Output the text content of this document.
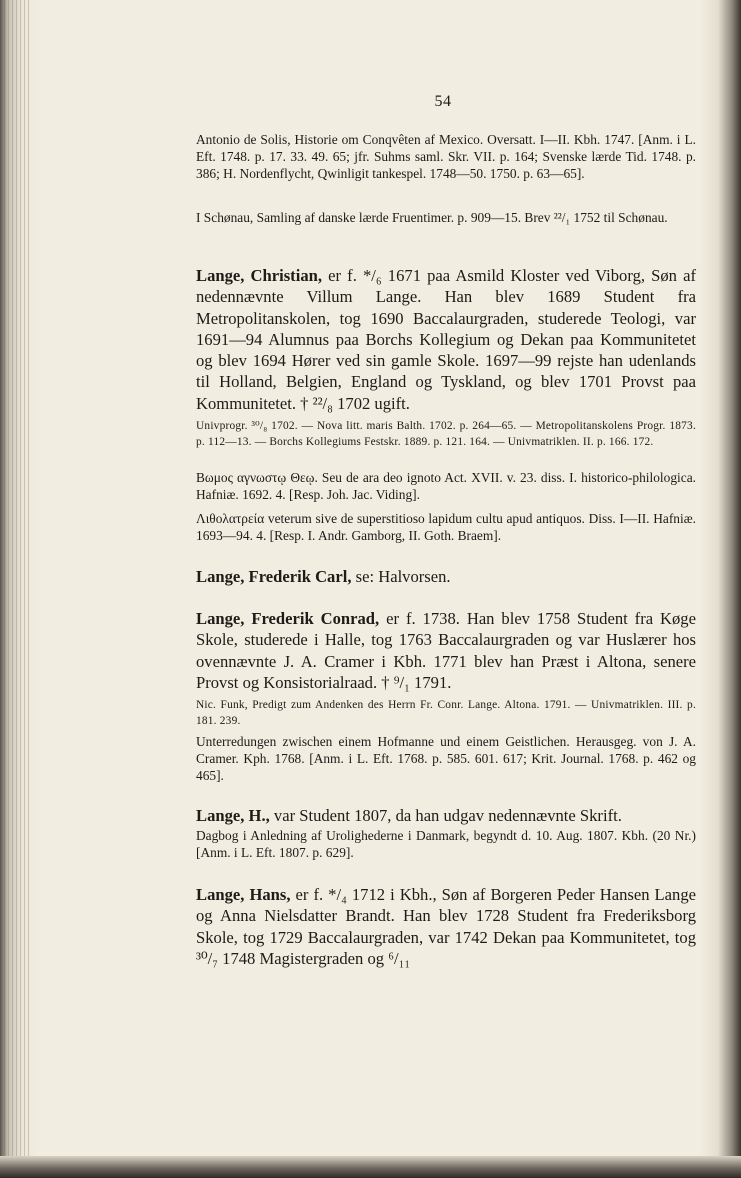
54

Antonio de Solis, Historie om Conqvêten af Mexico. Oversatt. I—II. Kbh. 1747. [Anm. i L. Eft. 1748. p. 17. 33. 49. 65; jfr. Suhms saml. Skr. VII. p. 164; Svenske lærde Tid. 1748. p. 386; H. Nordenflycht, Qwinligit tankespel. 1748—50. 1750. p. 63—65].

I Schønau, Samling af danske lærde Fruentimer. p. 909—15. Brev ²²/₁ 1752 til Schønau.

Lange, Christian, er f. */₆ 1671 paa Asmild Kloster ved Viborg, Søn af nedennævnte Villum Lange. Han blev 1689 Student fra Metropolitanskolen, tog 1690 Baccalaurgraden, studerede Teologi, var 1691—94 Alumnus paa Borchs Kollegium og Dekan paa Kommunitetet og blev 1694 Hører ved sin gamle Skole. 1697—99 rejste han udenlands til Holland, Belgien, England og Tyskland, og blev 1701 Provst paa Kommunitetet. † ²²/₈ 1702 ugift.

Univprogr. ³⁰/₈ 1702. — Nova litt. maris Balth. 1702. p. 264—65. — Metropolitanskolens Progr. 1873. p. 112—13. — Borchs Kollegiums Festskr. 1889. p. 121. 164. — Univmatriklen. II. p. 166. 172.

Βωμος αγνωστῳ Θεῳ. Seu de ara deo ignoto Act. XVII. v. 23. diss. I. historico-philologica. Hafniæ. 1692. 4. [Resp. Joh. Jac. Viding].

Λιθολατρεία veterum sive de superstitioso lapidum cultu apud antiquos. Diss. I—II. Hafniæ. 1693—94. 4. [Resp. I. Andr. Gamborg, II. Goth. Braem].

Lange, Frederik Carl, se: Halvorsen.

Lange, Frederik Conrad, er f. 1738. Han blev 1758 Student fra Køge Skole, studerede i Halle, tog 1763 Baccalaurgraden og var Huslærer hos ovennævnte J. A. Cramer i Kbh. 1771 blev han Præst i Altona, senere Provst og Konsistorialraad. † ⁹/₁ 1791.

Nic. Funk, Predigt zum Andenken des Herrn Fr. Conr. Lange. Altona. 1791. — Univmatriklen. III. p. 181. 239.

Unterredungen zwischen einem Hofmanne und einem Geistlichen. Herausgeg. von J. A. Cramer. Kph. 1768. [Anm. i L. Eft. 1768. p. 585. 601. 617; Krit. Journal. 1768. p. 462 og 465].

Lange, H., var Student 1807, da han udgav nedennævnte Skrift.

Dagbog i Anledning af Urolighederne i Danmark, begyndt d. 10. Aug. 1807. Kbh. (20 Nr.) [Anm. i L. Eft. 1807. p. 629].

Lange, Hans, er f. */₄ 1712 i Kbh., Søn af Borgeren Peder Hansen Lange og Anna Nielsdatter Brandt. Han blev 1728 Student fra Frederiksborg Skole, tog 1729 Baccalaurgraden, var 1742 Dekan paa Kommunitetet, tog ³⁰/₇ 1748 Magistergraden og ⁶/₁₁
